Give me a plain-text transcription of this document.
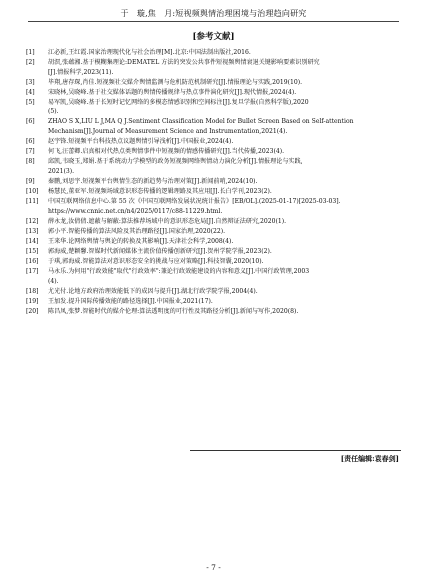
于　璇,焦　月:短视频舆情治理困境与治理趋向研究
[参考文献]
[1]	江必新,王红霞.国家治理现代化与社会治理[M].北京:中国法制出版社,2016.
[2]	胡溟,张蕴湘.基于模糊集理论:DEMATEL 方法的突发公共事件短视频舆情衰退关键影响要素识别研究
[J].情报科学,2023(11).
[3]	毕翔,唐存琛,肖佳.短视频社交媒介舆情监测与危机防范机制研究[J].情报理论与实践,2019(10).
[4]	宋晓林,吴晓峰.基于社交媒体话题的舆情传播规律与热点事件演化研究[J].现代情报,2024(4).
[5]	易军凯,吴晓峰.基于长短时记忆网络的多模态情感识别和空间标注[J].复旦学报(自然科学版),2020
(5).
[6]	ZHAO S X,LIU L J,MA Q J.Sentiment Classification Model for Bullet Screen Based on Self-attention
Mechanism[J].Journal of Measurement Science and Instrumentation,2021(4).
[6]	赵宇锋.短视频平台科技热点议题舆情引导浅析[J].中国报业,2024(4).
[7]	何飞,汪蕾卿.启真相对代热点类舆情事件中短视频的情感传播研究[J].当代传播,2023(4).
[8]	邱凯,韦晓玉,郑娟.基于系统动力学模型的政务短视频网络舆情动力演化分析[J].情报理论与实践,
2021(3).
[9]	秦鹏,刘思宇.短视频平台舆情生态的新趋势与治理对策[J].新闻前哨,2024(10).
[10]	杨慧民,董亚军.短视频场域意识形态传播的逻辑理路及其应用[J].长白学刊,2023(2).
[11]	中国互联网络信息中心.第 55 次《中国互联网络发展状况统计报告》[EB/OL].(2025-01-17)[2025-03-03].
https://www.cnnic.net.cn/n4/2025/0117/c88-11229.html.
[12]	薛永龙,汝倩倩.遮蔽与解蔽:算法推荐场域中的意识形态危局[J].自然辩证法研究,2020(1).
[13]	郭小平.智能传播的算法风险及其治理路径[J].国家治理,2020(22).
[14]	王来华.论网络舆情与舆论的转换及其影响[J].天津社会科学,2008(4).
[15]	郭海威,楚颖馨.智媒时代新闻媒体主流价值传播创新研究[J].贺州学院学报,2023(2).
[16]	于琪,郭海威.智能算法对意识形态安全的挑战与应对策略[J].科技智囊,2020(10).
[17]	马永乐.为何用"行政效能"取代"行政效率":兼论行政效能建设的内容和意义[J].中国行政管理,2003
(4).
[18]	尤光付.论地方政府治理效能低下的成因与提升[J].湖北行政学院学报,2004(4).
[19]	王加发.提升国际传播效能的路径选择[J].中国报业,2021(17).
[20]	陈昌凤,张梦.智能时代的媒介伦理:算法透明度的可行性及其路径分析[J].新闻与写作,2020(8).
[责任编辑:袁春剑]
- 7 -
